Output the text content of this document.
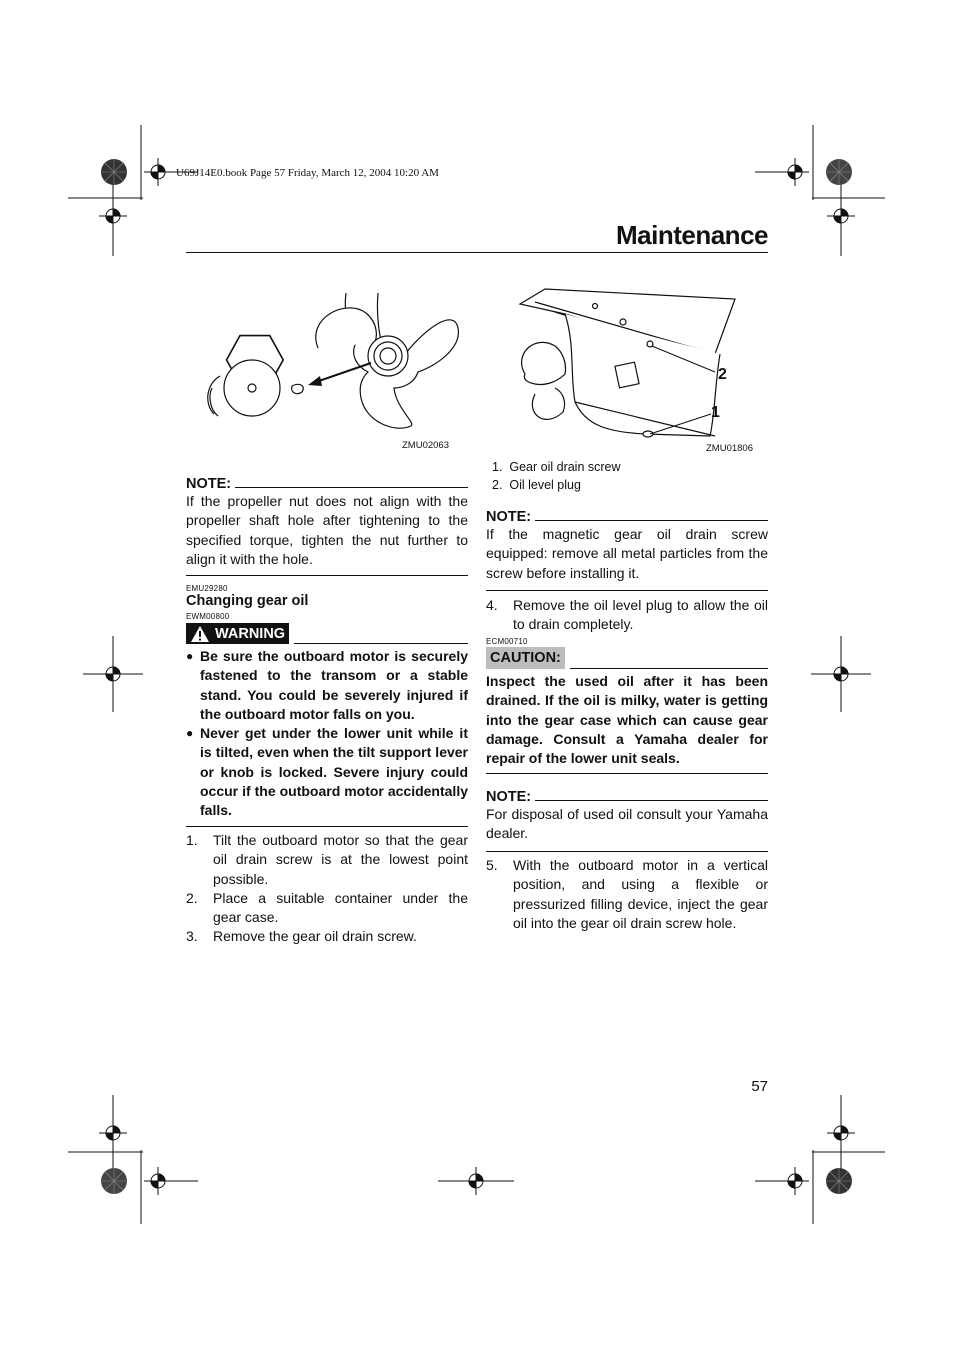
U69J14E0.book Page 57 Friday, March 12, 2004 10:20 AM
Maintenance
ZMU02063
2
1
ZMU01806
1.  Gear oil drain screw
2.  Oil level plug
NOTE:
If the propeller nut does not align with the propeller shaft hole after tightening to the specified torque, tighten the nut further to align it with the hole.
EMU29280
Changing gear oil
EWM00800
WARNING
● Be sure the outboard motor is securely fastened to the transom or a stable stand. You could be severely injured if the outboard motor falls on you.
● Never get under the lower unit while it is tilted, even when the tilt support lever or knob is locked. Severe injury could occur if the outboard motor accidentally falls.
1. Tilt the outboard motor so that the gear oil drain screw is at the lowest point possible.
2. Place a suitable container under the gear case.
3. Remove the gear oil drain screw.
NOTE:
If the magnetic gear oil drain screw equipped: remove all metal particles from the screw before installing it.
4. Remove the oil level plug to allow the oil to drain completely.
ECM00710
CAUTION:
Inspect the used oil after it has been drained. If the oil is milky, water is getting into the gear case which can cause gear damage. Consult a Yamaha dealer for repair of the lower unit seals.
NOTE:
For disposal of used oil consult your Yamaha dealer.
5. With the outboard motor in a vertical position, and using a flexible or pressurized filling device, inject the gear oil into the gear oil drain screw hole.
57
